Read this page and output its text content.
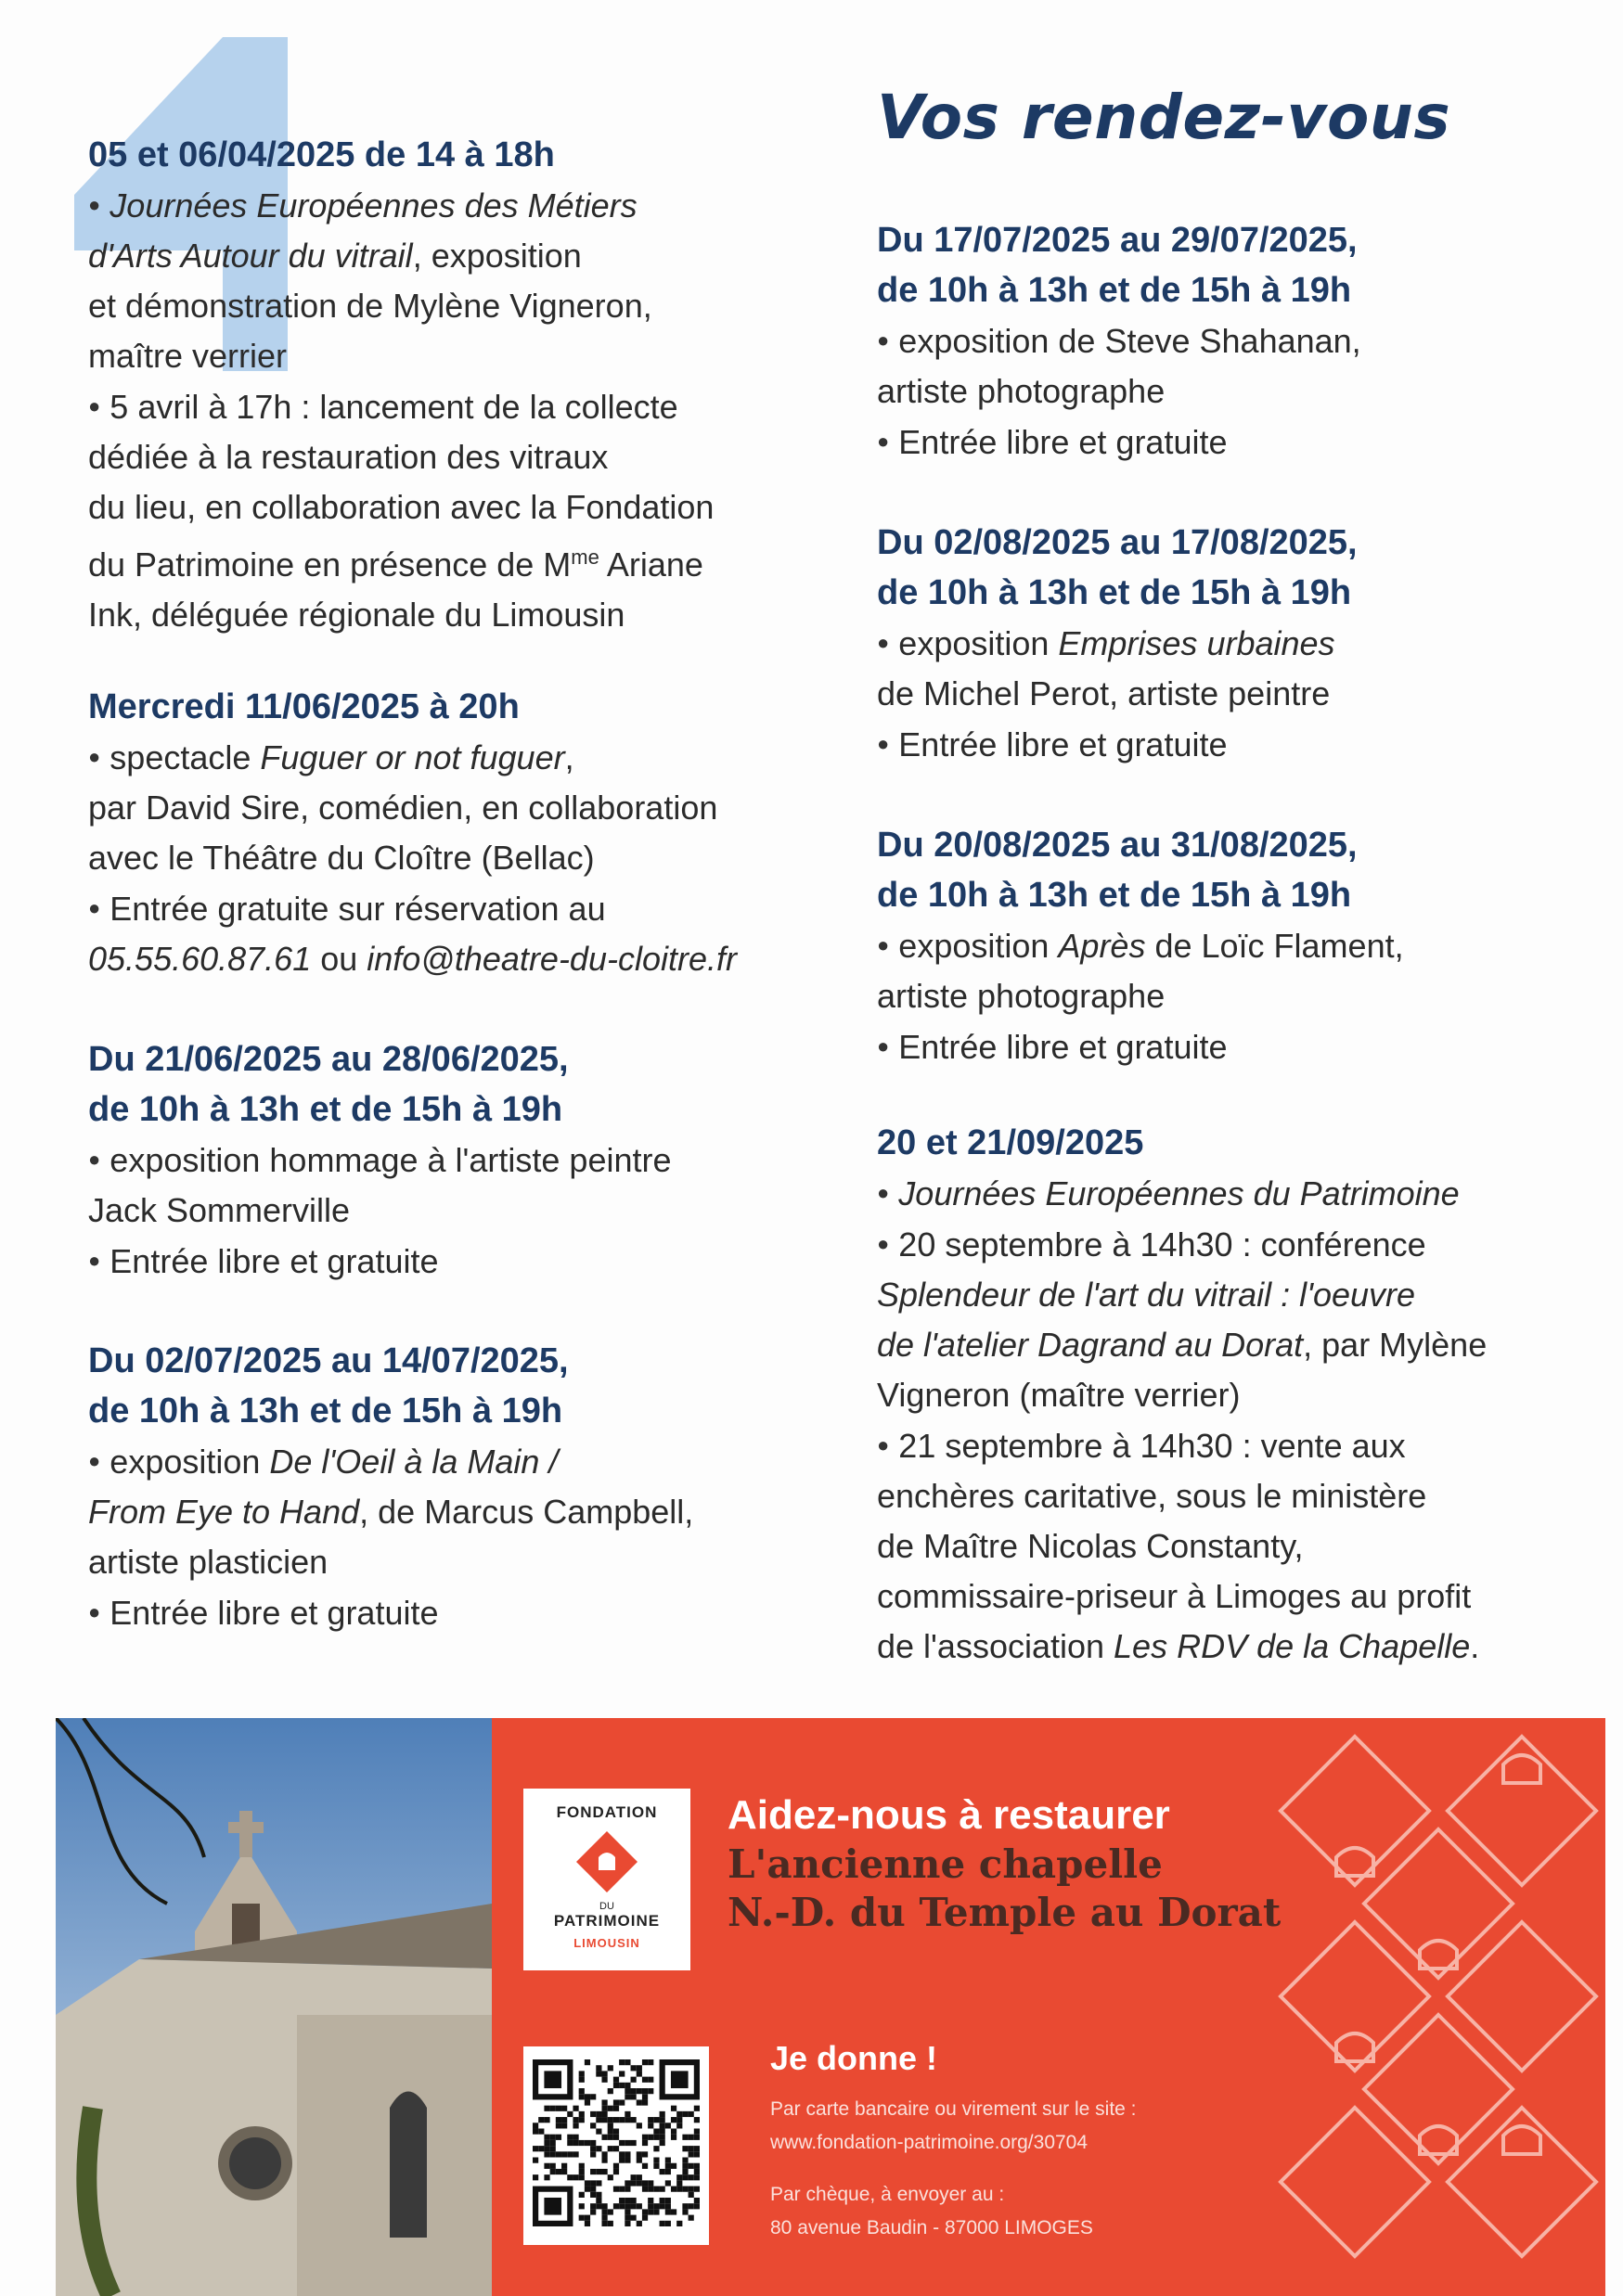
Vos rendez-vous

05 et 06/04/2025 de 14 à 18h

● Journées Européennes des Métiers

d'Arts Autour du vitrail, exposition

et démonstration de Mylène Vigneron,

maître verrier

● 5 avril à 17h : lancement de la collecte

dédiée à la restauration des vitraux

du lieu, en collaboration avec la Fondation

du Patrimoine en présence de $M^{me}$ Ariane

Ink, déléguée régionale du Limousin

Mercredi 11/06/2025 à 20h

● spectacle Fuguer or not fuguer,

par David Sire, comédien, en collaboration

avec le Théâtre du Cloître (Bellac)

● Entrée gratuite sur réservation au

05.55.60.87.61 ou info@theatre-du-cloitre.fr

Du 21/06/2025 au 28/06/2025,

de 10h à 13h et de 15h à 19h

● exposition hommage à l'artiste peintre

Jack Sommerville

● Entrée libre et gratuite

Du 02/07/2025 au 14/07/2025,

de 10h à 13h et de 15h à 19h

● exposition De l'Oeil à la Main /

From Eye to Hand, de Marcus Campbell,

artiste plasticien

● Entrée libre et gratuite

Du 17/07/2025 au 29/07/2025,

de 10h à 13h et de 15h à 19h

● exposition de Steve Shahanan,

artiste photographe

● Entrée libre et gratuite

Du 02/08/2025 au 17/08/2025,

de 10h à 13h et de 15h à 19h

● exposition Emprises urbaines

de Michel Perot, artiste peintre

● Entrée libre et gratuite

Du 20/08/2025 au 31/08/2025,

de 10h à 13h et de 15h à 19h

● exposition Après de Loïc Flament,

artiste photographe

● Entrée libre et gratuite

20 et 21/09/2025

● Journées Européennes du Patrimoine

● 20 septembre à 14h30 : conférence

Splendeur de l'art du vitrail : l'oeuvre

de l'atelier Dagrand au Dorat, par Mylène

Vigneron (maître verrier)

● 21 septembre à 14h30 : vente aux

enchères caritative, sous le ministère

de Maître Nicolas Constanty,

commissaire-priseur à Limoges au profit

de l'association Les RDV de la Chapelle.

FONDATION
DU
PATRIMOINE
LIMOUSIN

Aidez-nous à restaurer

L'ancienne chapelle
N.-D. du Temple au Dorat

Je donne !

Par carte bancaire ou virement sur le site :

www.fondation-patrimoine.org/30704

Par chèque, à envoyer au :

80 avenue Baudin - 87000 LIMOGES
